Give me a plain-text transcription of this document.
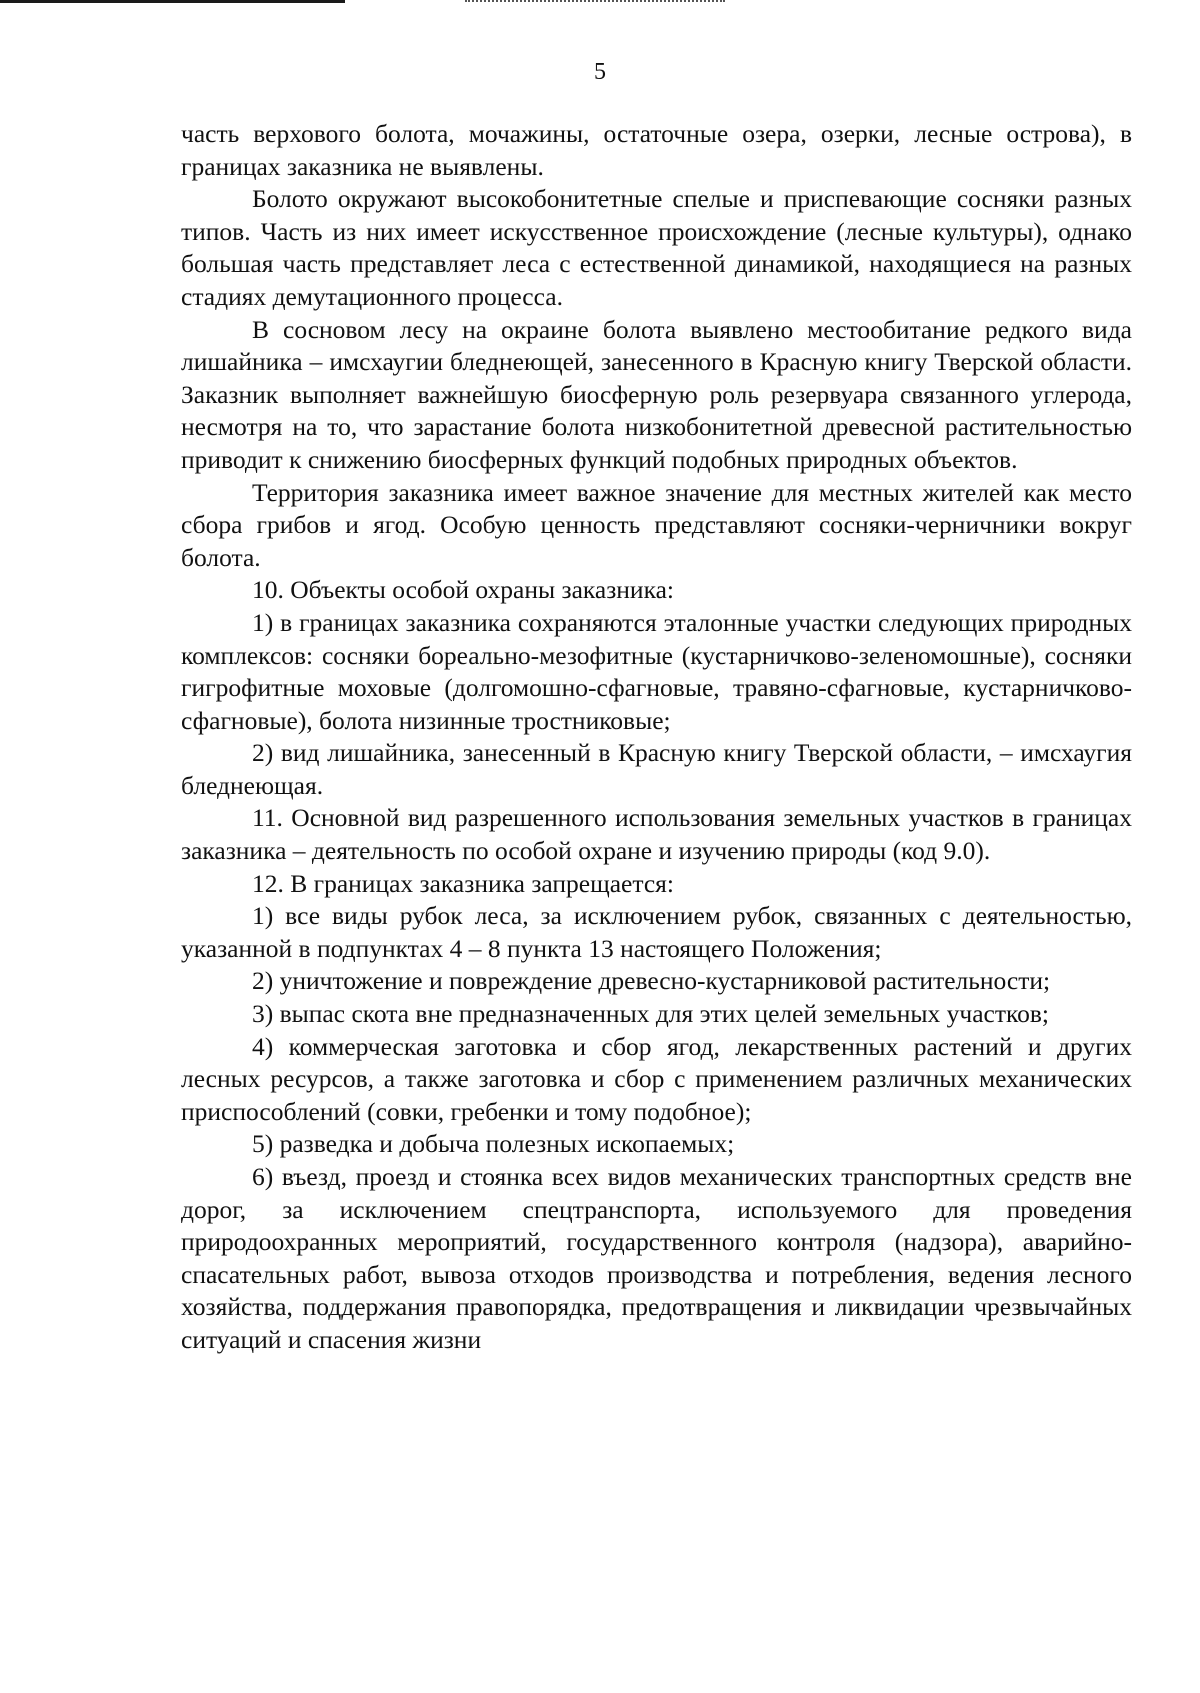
5

часть верхового болота, мочажины, остаточные озера, озерки, лесные острова), в границах заказника не выявлены.

Болото окружают высокобонитетные спелые и приспевающие сосняки разных типов. Часть из них имеет искусственное происхождение (лесные культуры), однако большая часть представляет леса с естественной динамикой, находящиеся на разных стадиях демутационного процесса.

В сосновом лесу на окраине болота выявлено местообитание редкого вида лишайника – имсхаугии бледнеющей, занесенного в Красную книгу Тверской области. Заказник выполняет важнейшую биосферную роль резервуара связанного углерода, несмотря на то, что зарастание болота низкобонитетной древесной растительностью приводит к снижению биосферных функций подобных природных объектов.

Территория заказника имеет важное значение для местных жителей как место сбора грибов и ягод. Особую ценность представляют сосняки-черничники вокруг болота.

10. Объекты особой охраны заказника:

1) в границах заказника сохраняются эталонные участки следующих природных комплексов: сосняки бореально-мезофитные (кустарничково-зеленомошные), сосняки гигрофитные моховые (долгомошно-сфагновые, травяно-сфагновые, кустарничково-сфагновые), болота низинные тростниковые;

2) вид лишайника, занесенный в Красную книгу Тверской области, – имсхаугия бледнеющая.

11. Основной вид разрешенного использования земельных участков в границах заказника – деятельность по особой охране и изучению природы (код 9.0).

12. В границах заказника запрещается:

1) все виды рубок леса, за исключением рубок, связанных с деятельностью, указанной в подпунктах 4 – 8 пункта 13 настоящего Положения;

2) уничтожение и повреждение древесно-кустарниковой растительности;

3) выпас скота вне предназначенных для этих целей земельных участков;

4) коммерческая заготовка и сбор ягод, лекарственных растений и других лесных ресурсов, а также заготовка и сбор с применением различных механических приспособлений (совки, гребенки и тому подобное);

5) разведка и добыча полезных ископаемых;

6) въезд, проезд и стоянка всех видов механических транспортных средств вне дорог, за исключением спецтранспорта, используемого для проведения природоохранных мероприятий, государственного контроля (надзора), аварийно-спасательных работ, вывоза отходов производства и потребления, ведения лесного хозяйства, поддержания правопорядка, предотвращения и ликвидации чрезвычайных ситуаций и спасения жизни
